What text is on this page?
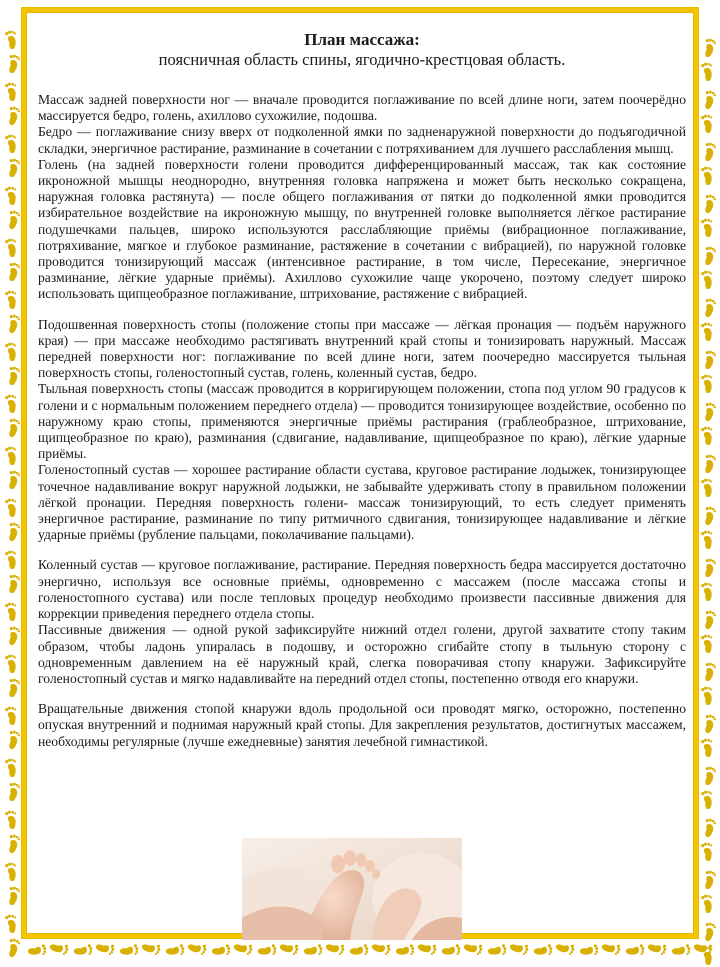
План массажа:

поясничная область спины, ягодично-крестцовая область.

Массаж задней поверхности ног — вначале проводится поглаживание по всей длине ноги, затем поочерёдно массируется бедро, голень, ахиллово сухожилие, подошва.

Бедро — поглаживание снизу вверх от подколенной ямки по задненаружной поверхности до подъягодичной складки, энергичное растирание, разминание в сочетании с потряхиванием для лучшего расслабления мышц.

Голень (на задней поверхности голени проводится дифференцированный массаж, так как состояние икроножной мышцы неоднородно, внутренняя головка напряжена и может быть несколько сокращена, наружная головка растянута) — после общего поглаживания от пятки до подколенной ямки проводится избирательное воздействие на икроножную мышцу, по внутренней головке выполняется лёгкое растирание подушечками пальцев, широко используются расслабляющие приёмы (вибрационное поглаживание, потряхивание, мягкое и глубокое разминание, растяжение в сочетании с вибрацией), по наружной головке проводится тонизирующий массаж (интенсивное растирание, в том числе, Пересекание, энергичное разминание, лёгкие ударные приёмы). Ахиллово сухожилие чаще укорочено, поэтому следует широко использовать щипцеобразное поглаживание, штрихование, растяжение с вибрацией.

Подошвенная поверхность стопы (положение стопы при массаже — лёгкая пронация — подъём наружного края) — при массаже необходимо растягивать внутренний край стопы и тонизировать наружный. Массаж передней поверхности ног: поглаживание по всей длине ноги, затем поочередно массируется тыльная поверхность стопы, голеностопный сустав, голень, коленный сустав, бедро.

Тыльная поверхность стопы (массаж проводится в корригирующем положении, стопа под углом 90 градусов к голени и с нормальным положением переднего отдела) — проводится тонизирующее воздействие, особенно по наружному краю стопы, применяются энергичные приёмы растирания (граблеобразное, штрихование, щипцеобразное по краю), разминания (сдвигание, надавливание, щипцеобразное по краю), лёгкие ударные приёмы.

Голеностопный сустав — хорошее растирание области сустава, круговое растирание лодыжек, тонизирующее точечное надавливание вокруг наружной лодыжки, не забывайте удерживать стопу в правильном положении лёгкой пронации. Передняя поверхность голени- массаж тонизирующий, то есть следует применять энергичное растирание, разминание по типу ритмичного сдвигания, тонизирующее надавливание и лёгкие ударные приёмы (рубление пальцами, поколачивание пальцами).

Коленный сустав — круговое поглаживание, растирание. Передняя поверхность бедра массируется достаточно энергично, используя все основные приёмы, одновременно с массажем (после массажа стопы и голеностопного сустава) или после тепловых процедур необходимо произвести пассивные движения для коррекции приведения переднего отдела стопы.

Пассивные движения — одной рукой зафиксируйте нижний отдел голени, другой захватите стопу таким образом, чтобы ладонь упиралась в подошву, и осторожно сгибайте стопу в тыльную сторону с одновременным давлением на её наружный край, слегка поворачивая стопу кнаружи. Зафиксируйте голеностопный сустав и мягко надавливайте на передний отдел стопы, постепенно отводя его кнаружи.

Вращательные движения стопой кнаружи вдоль продольной оси проводят мягко, осторожно, постепенно опуская внутренний и поднимая наружный край стопы. Для закрепления результатов, достигнутых массажем, необходимы регулярные (лучше ежедневные) занятия лечебной гимнастикой.
